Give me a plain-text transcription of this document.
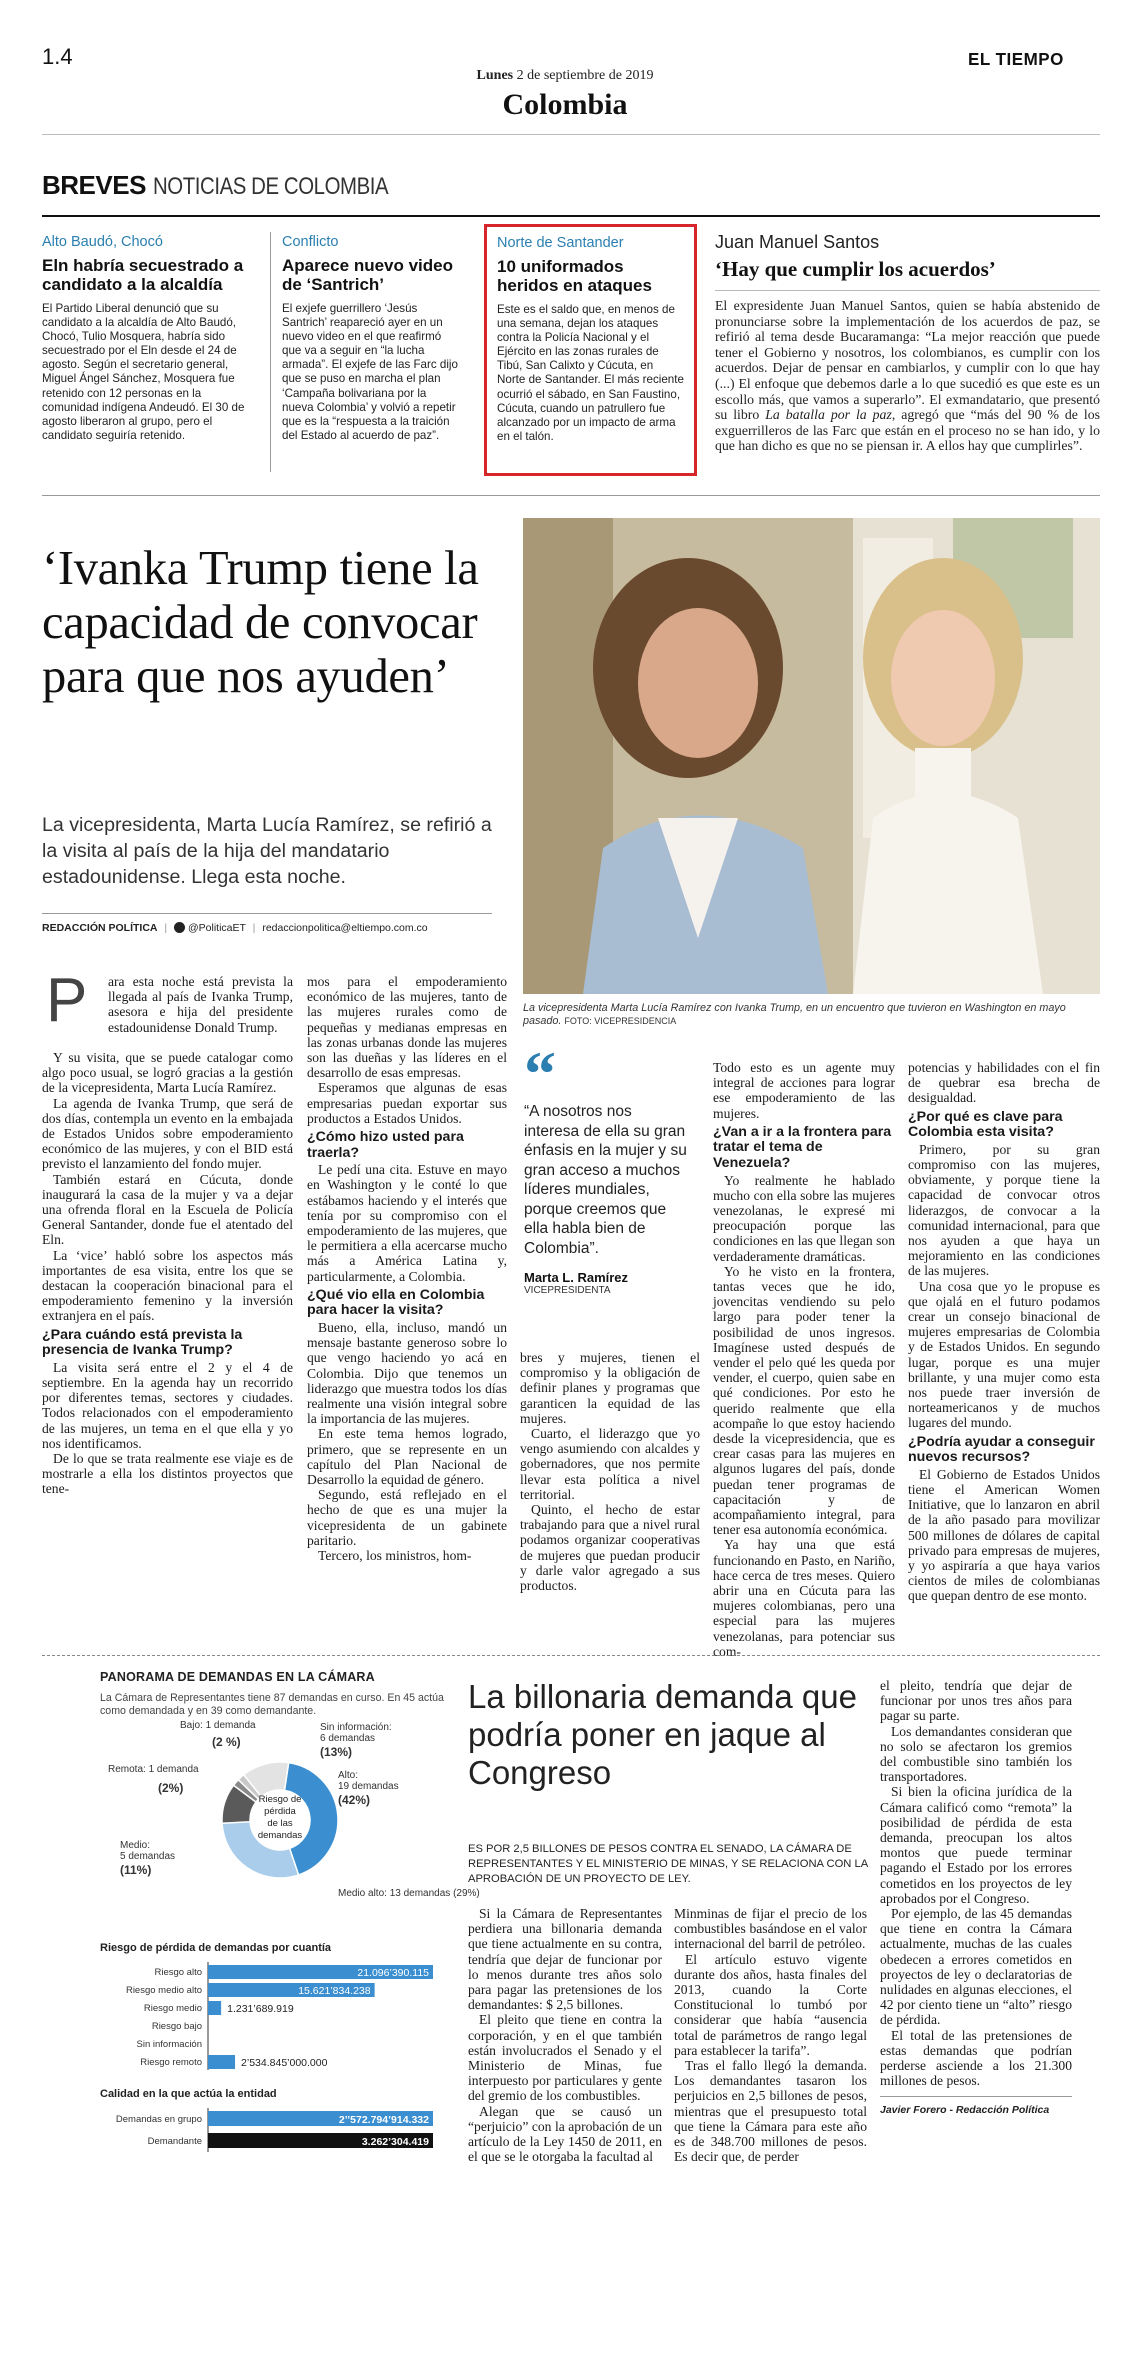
1.4
Lunes 2 de septiembre de 2019
Colombia
EL TIEMPO
BREVES NOTICIAS DE COLOMBIA
Alto Baudó, Chocó
Eln habría secuestrado a candidato a la alcaldía
El Partido Liberal denunció que su candidato a la alcaldía de Alto Baudó, Chocó, Tulio Mosquera, habría sido secuestrado por el Eln desde el 24 de agosto. Según el secretario general, Miguel Ángel Sánchez, Mosquera fue retenido con 12 personas en la comunidad indígena Andeudó. El 30 de agosto liberaron al grupo, pero el candidato seguiría retenido.
Conflicto
Aparece nuevo video de ‘Santrich’
El exjefe guerrillero ‘Jesús Santrich’ reapareció ayer en un nuevo video en el que reafirmó que va a seguir en “la lucha armada”. El exjefe de las Farc dijo que se puso en marcha el plan ‘Campaña bolivariana por la nueva Colombia’ y volvió a repetir que es la “respuesta a la traición del Estado al acuerdo de paz”.
Norte de Santander
10 uniformados heridos en ataques
Este es el saldo que, en menos de una semana, dejan los ataques contra la Policía Nacional y el Ejército en las zonas rurales de Tibú, San Calixto y Cúcuta, en Norte de Santander. El más reciente ocurrió el sábado, en San Faustino, Cúcuta, cuando un patrullero fue alcanzado por un impacto de arma en el talón.
Juan Manuel Santos
‘Hay que cumplir los acuerdos’
El expresidente Juan Manuel Santos, quien se había abstenido de pronunciarse sobre la implementación de los acuerdos de paz, se refirió al tema desde Bucaramanga: “La mejor reacción que puede tener el Gobierno y nosotros, los colombianos, es cumplir con los acuerdos. Dejar de pensar en cambiarlos, y cumplir con lo que hay (...) El enfoque que debemos darle a lo que sucedió es que este es un escollo más, que vamos a superarlo”. El exmandatario, que presentó su libro La batalla por la paz, agregó que “más del 90 % de los exguerrilleros de las Farc que están en el proceso no se han ido, y lo que han dicho es que no se piensan ir. A ellos hay que cumplirles”.
‘Ivanka Trump tiene la capacidad de convocar para que nos ayuden’
La vicepresidenta, Marta Lucía Ramírez, se refirió a la visita al país de la hija del mandatario estadounidense. Llega esta noche.
REDACCIÓN POLÍTICA | @PoliticaET | redaccionpolitica@eltiempo.com.co
La vicepresidenta Marta Lucía Ramírez con Ivanka Trump, en un encuentro que tuvieron en Washington en mayo pasado. FOTO: VICEPRESIDENCIA
P ara esta noche está prevista la llegada al país de Ivanka Trump, asesora e hija del presidente estadounidense Donald Trump.

Y su visita, que se puede catalogar como algo poco usual, se logró gracias a la gestión de la vicepresidenta, Marta Lucía Ramírez.

La agenda de Ivanka Trump, que será de dos días, contempla un evento en la embajada de Estados Unidos sobre empoderamiento económico de las mujeres, y con el BID está previsto el lanzamiento del fondo mujer.

También estará en Cúcuta, donde inaugurará la casa de la mujer y va a dejar una ofrenda floral en la Escuela de Policía General Santander, donde fue el atentado del Eln.

La ‘vice’ habló sobre los aspectos más importantes de esa visita, entre los que se destacan la cooperación binacional para el empoderamiento femenino y la inversión extranjera en el país.

¿Para cuándo está prevista la presencia de Ivanka Trump?

La visita será entre el 2 y el 4 de septiembre. En la agenda hay un recorrido por diferentes temas, sectores y ciudades. Todos relacionados con el empoderamiento de las mujeres, un tema en el que ella y yo nos identificamos.

De lo que se trata realmente ese viaje es de mostrarle a ella los distintos proyectos que tene-

mos para el empoderamiento económico de las mujeres, tanto de las mujeres rurales como de pequeñas y medianas empresas en las zonas urbanas donde las mujeres son las dueñas y las líderes en el desarrollo de esas empresas.

Esperamos que algunas de esas empresarias puedan exportar sus productos a Estados Unidos.

¿Cómo hizo usted para traerla?

Le pedí una cita. Estuve en mayo en Washington y le conté lo que estábamos haciendo y el interés que tenía por su compromiso con el empoderamiento de las mujeres, que le permitiera a ella acercarse mucho más a América Latina y, particularmente, a Colombia.

¿Qué vio ella en Colombia para hacer la visita?

Bueno, ella, incluso, mandó un mensaje bastante generoso sobre lo que vengo haciendo yo acá en Colombia. Dijo que tenemos un liderazgo que muestra todos los días realmente una visión integral sobre la importancia de las mujeres.

En este tema hemos logrado, primero, que se represente en un capítulo del Plan Nacional de Desarrollo la equidad de género.

Segundo, está reflejado en el hecho de que es una mujer la vicepresidenta de un gabinete paritario.

Tercero, los ministros, hom-

“
“A nosotros nos interesa de ella su gran énfasis en la mujer y su gran acceso a muchos líderes mundiales, porque creemos que ella habla bien de Colombia”.
Marta L. Ramírez
VICEPRESIDENTA

bres y mujeres, tienen el compromiso y la obligación de definir planes y programas que garanticen la equidad de las mujeres.

Cuarto, el liderazgo que yo vengo asumiendo con alcaldes y gobernadores, que nos permite llevar esta política a nivel territorial.

Quinto, el hecho de estar trabajando para que a nivel rural podamos organizar cooperativas de mujeres que puedan producir y darle valor agregado a sus productos.

Todo esto es un agente muy integral de acciones para lograr ese empoderamiento de las mujeres.

¿Van a ir a la frontera para tratar el tema de Venezuela?

Yo realmente he hablado mucho con ella sobre las mujeres venezolanas, le expresé mi preocupación porque las condiciones en las que llegan son verdaderamente dramáticas.

Yo he visto en la frontera, tantas veces que he ido, jovencitas vendiendo su pelo largo para poder tener la posibilidad de unos ingresos. Imagínese usted después de vender el pelo qué les queda por vender, el cuerpo, quien sabe en qué condiciones. Por esto he querido realmente que ella acompañe lo que estoy haciendo desde la vicepresidencia, que es crear casas para las mujeres en algunos lugares del país, donde puedan tener programas de capacitación y de acompañamiento integral, para tener esa autonomía económica.

Ya hay una que está funcionando en Pasto, en Nariño, hace cerca de tres meses. Quiero abrir una en Cúcuta para las mujeres colombianas, pero una especial para las mujeres venezolanas, para potenciar sus com-

potencias y habilidades con el fin de quebrar esa brecha de desigualdad.

¿Por qué es clave para Colombia esta visita?

Primero, por su gran compromiso con las mujeres, obviamente, y porque tiene la capacidad de convocar otros liderazgos, de convocar a la comunidad internacional, para que nos ayuden a que haya un mejoramiento en las condiciones de las mujeres.

Una cosa que yo le propuse es que ojalá en el futuro podamos crear un consejo binacional de mujeres empresarias de Colombia y de Estados Unidos. En segundo lugar, porque es una mujer brillante, y una mujer como esta nos puede traer inversión de norteamericanos y de muchos lugares del mundo.

¿Podría ayudar a conseguir nuevos recursos?

El Gobierno de Estados Unidos tiene el American Women Initiative, que lo lanzaron en abril de la año pasado para movilizar 500 millones de dólares de capital privado para empresas de mujeres, y yo aspiraría a que haya varios cientos de miles de colombianas que quepan dentro de ese monto.

PANORAMA DE DEMANDAS EN LA CÁMARA
La Cámara de Representantes tiene 87 demandas en curso. En 45 actúa como demandada y en 39 como demandante.
Riesgo de
pérdida
de las
demandas
Alto: 19 demandas (42%)
Medio alto: 13 demandas (29%)
Medio: 5 demandas (11%)
Remota: 1 demanda
(2%)
Bajo: 1 demanda
(2 %)
Sin información: 6 demandas (13%)
Riesgo de pérdida de demandas por cuantía
Riesgo alto	21.096’390.115
Riesgo medio alto	15.621’834.238
Riesgo medio 1.231’689.919
Riesgo bajo
Sin información
Riesgo remoto	2’534.845’000.000
Calidad en la que actúa la entidad
Demandas en grupo	2’’572.794’914.332
Demandante	3.262’304.419
La billonaria demanda que podría poner en jaque al Congreso
ES POR 2,5 BILLONES DE PESOS CONTRA EL SENADO, LA CÁMARA DE REPRESENTANTES Y EL MINISTERIO DE MINAS, Y SE RELACIONA CON LA APROBACIÓN DE UN PROYECTO DE LEY.

Si la Cámara de Representantes perdiera una billonaria demanda que tiene actualmente en su contra, tendría que dejar de funcionar por lo menos durante tres años solo para pagar las pretensiones de los demandantes: $ 2,5 billones.

El pleito que tiene en contra la corporación, y en el que también están involucrados el Senado y el Ministerio de Minas, fue interpuesto por particulares y gente del gremio de los combustibles.

Alegan que se causó un “perjuicio” con la aprobación de un artículo de la Ley 1450 de 2011, en el que se le otorgaba la facultad al

Minminas de fijar el precio de los combustibles basándose en el valor internacional del barril de petróleo.

El artículo estuvo vigente durante dos años, hasta finales del 2013, cuando la Corte Constitucional lo tumbó por considerar que había “ausencia total de parámetros de rango legal para establecer la tarifa”.

Tras el fallo llegó la demanda. Los demandantes tasaron los perjuicios en 2,5 billones de pesos, mientras que el presupuesto total que tiene la Cámara para este año es de 348.700 millones de pesos. Es decir que, de perder

el pleito, tendría que dejar de funcionar por unos tres años para pagar su parte.

Los demandantes consideran que no solo se afectaron los gremios del combustible sino también los transportadores.

Si bien la oficina jurídica de la Cámara calificó como “remota” la posibilidad de pérdida de esta demanda, preocupan los altos montos que puede terminar pagando el Estado por los errores cometidos en los proyectos de ley aprobados por el Congreso.

Por ejemplo, de las 45 demandas que tiene en contra la Cámara actualmente, muchas de las cuales obedecen a errores cometidos en proyectos de ley o declaratorias de nulidades en algunas elecciones, el 42 por ciento tiene un “alto” riesgo de pérdida.

El total de las pretensiones de estas demandas que podrían perderse asciende a los 21.300 millones de pesos.

Javier Forero - Redacción Política
